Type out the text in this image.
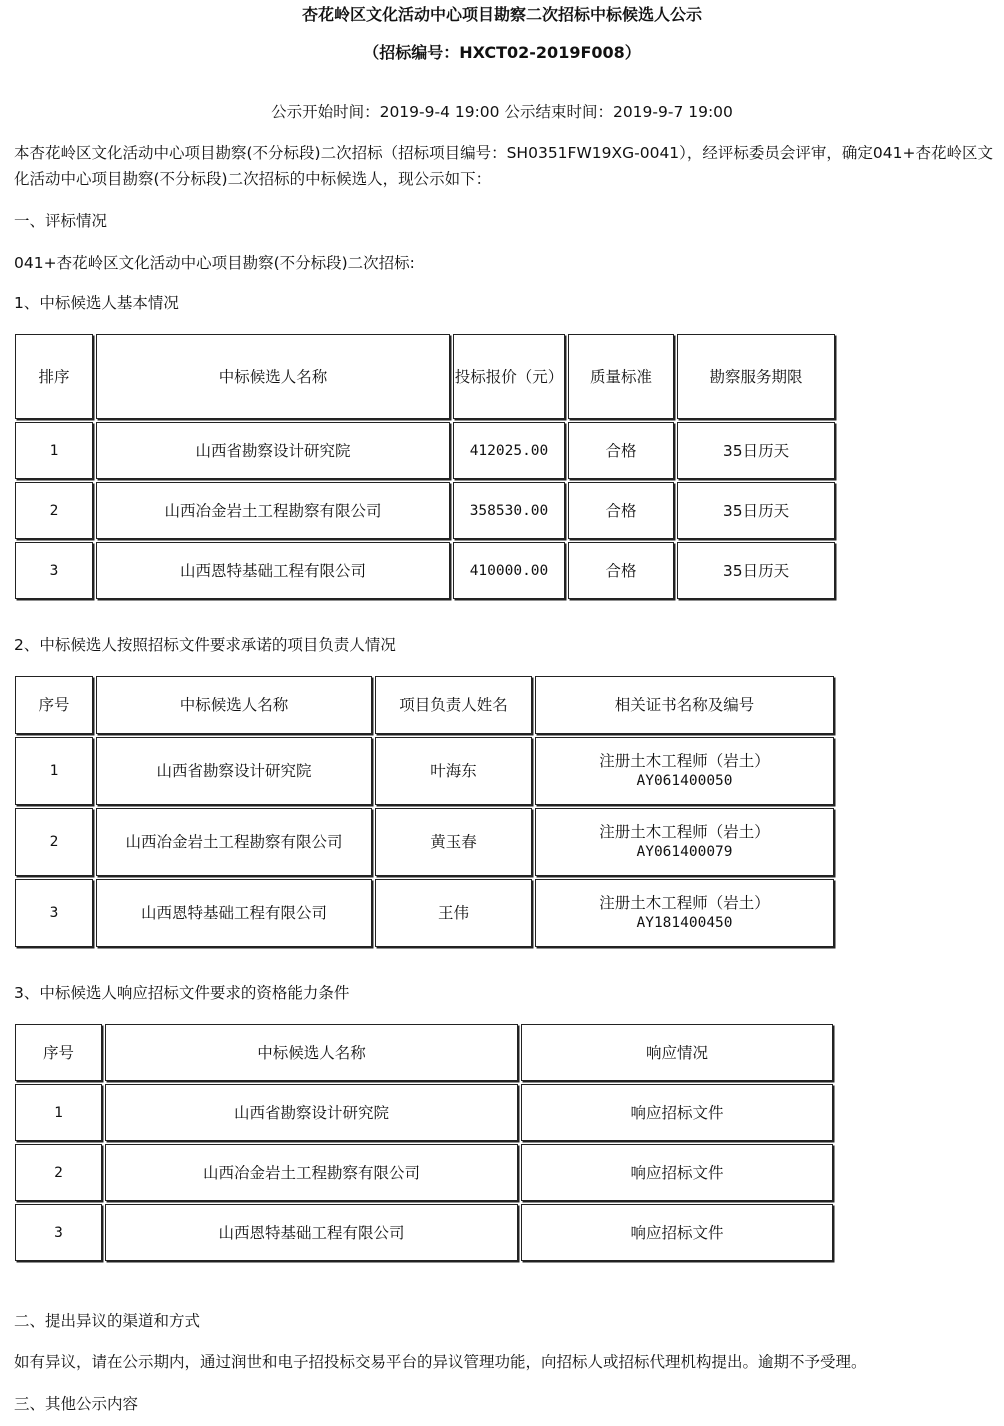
杏花岭区文化活动中心项目勘察二次招标中标候选人公示
（招标编号：HXCT02-2019F008）
公示开始时间：2019-9-4 19:00 公示结束时间：2019-9-7 19:00
本杏花岭区文化活动中心项目勘察(不分标段)二次招标（招标项目编号：SH0351FW19XG-0041），经评标委员会评审，确定041+杏花岭区文化活动中心项目勘察(不分标段)二次招标的中标候选人，现公示如下：
一、评标情况
041+杏花岭区文化活动中心项目勘察(不分标段)二次招标:
1、中标候选人基本情况
排序	中标候选人名称	投标报价（元）	质量标准	勘察服务期限
1	山西省勘察设计研究院	412025.00	合格	35日历天
2	山西冶金岩土工程勘察有限公司	358530.00	合格	35日历天
3	山西恩特基础工程有限公司	410000.00	合格	35日历天
2、中标候选人按照招标文件要求承诺的项目负责人情况
序号	中标候选人名称	项目负责人姓名	相关证书名称及编号
1	山西省勘察设计研究院	叶海东	注册土木工程师（岩土）
AY061400050

2	山西冶金岩土工程勘察有限公司	黄玉春	注册土木工程师（岩土）
AY061400079

3	山西恩特基础工程有限公司	王伟	注册土木工程师（岩土）
AY181400450
3、中标候选人响应招标文件要求的资格能力条件
序号	中标候选人名称	响应情况
1	山西省勘察设计研究院	响应招标文件
2	山西冶金岩土工程勘察有限公司	响应招标文件
3	山西恩特基础工程有限公司	响应招标文件
二、提出异议的渠道和方式
如有异议，请在公示期内，通过润世和电子招投标交易平台的异议管理功能，向招标人或招标代理机构提出。逾期不予受理。
三、其他公示内容
